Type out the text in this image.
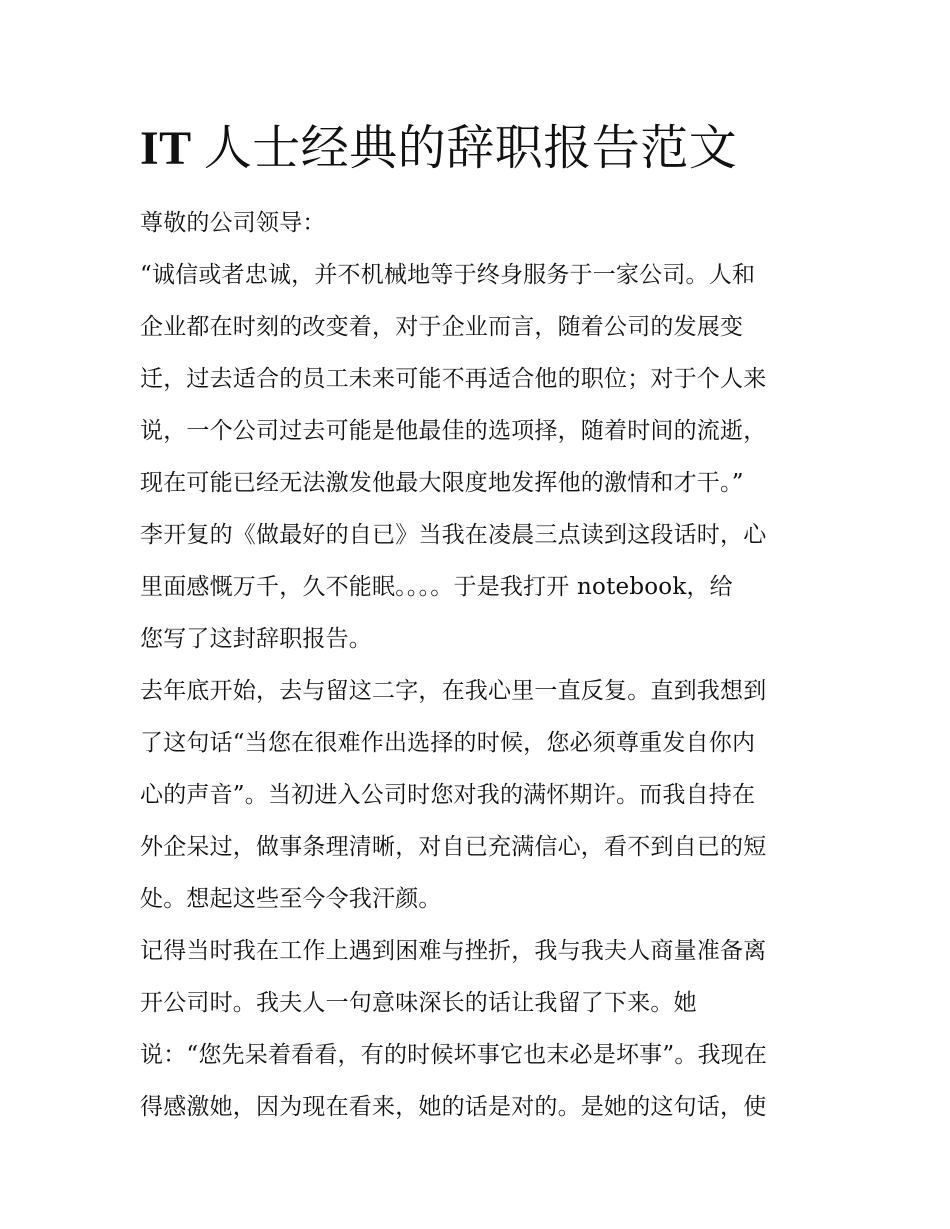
IT 人士经典的辞职报告范文
尊敬的公司领导：
“诚信或者忠诚，并不机械地等于终身服务于一家公司。人和
企业都在时刻的改变着，对于企业而言，随着公司的发展变
迁，过去适合的员工未来可能不再适合他的职位；对于个人来
说，一个公司过去可能是他最佳的选项择，随着时间的流逝，
现在可能已经无法激发他最大限度地发挥他的激情和才干。”
李开复的《做最好的自已》当我在凌晨三点读到这段话时，心
里面感慨万千，久不能眠。。。。于是我打开 notebook，给
您写了这封辞职报告。
去年底开始，去与留这二字，在我心里一直反复。直到我想到
了这句话“当您在很难作出选择的时候，您必须尊重发自你内
心的声音”。当初进入公司时您对我的满怀期许。而我自持在
外企呆过，做事条理清晰，对自已充满信心，看不到自已的短
处。想起这些至今令我汗颜。
记得当时我在工作上遇到困难与挫折，我与我夫人商量准备离
开公司时。我夫人一句意味深长的话让我留了下来。她
说：“您先呆着看看，有的时候坏事它也末必是坏事”。我现在
得感激她，因为现在看来，她的话是对的。是她的这句话，使
